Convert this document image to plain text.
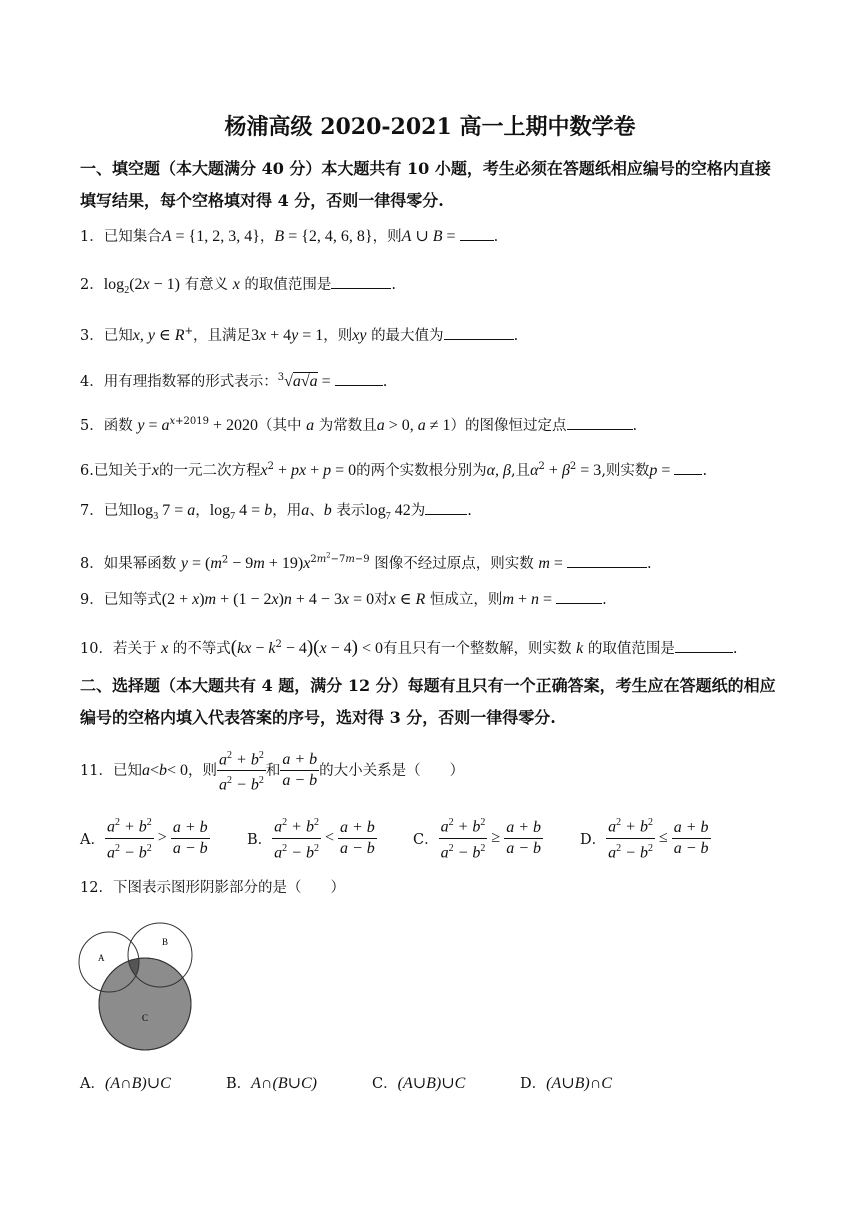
杨浦高级 2020-2021 高一上期中数学卷
一、填空题（本大题满分 40 分）本大题共有 10 小题，考生必须在答题纸相应编号的空格内直接填写结果，每个空格填对得 4 分，否则一律得零分.
1．已知集合A = {1, 2, 3, 4}，B = {2, 4, 6, 8}，则A ∪ B = .
2．$\log_2(2x - 1)$ 有意义 x 的取值范围是	.
3．已知x, y ∈ R+，且满足3x + 4y = 1，则xy 的最大值为	.
4．用有理指数幂的形式表示：$^3$√a√a =	.
5．函数 $y = a^{x+2019} + 2020$（其中 a 为常数且a > 0, a ≠ 1）的图像恒过定点	.
6.已知关于x的一元二次方程$x^2$ + px + p = 0的两个实数根分别为α, β,且$\alpha^2 + \beta^2 = 3$,则实数p = .
7．已知$\log_3 7 = a$，$\log_7 4 = b$，用a、b 表示$\log_7 42$为	.
8．如果幂函数 $y = (m^2 - 9m + 19)x^{2m^2-7m-9}$ 图像不经过原点，则实数 m =	.
9．已知等式(2 + x)m + (1 − 2x)n + 4 − 3x = 0对x ∈ R 恒成立，则m + n =	.
10．若关于 x 的不等式$(kx - k^2 - 4)(x - 4) < 0$有且只有一个整数解，则实数 k 的取值范围是	.
二、选择题（本大题共有 4 题，满分 12 分）每题有且只有一个正确答案，考生应在答题纸的相应编号的空格内填入代表答案的序号，选对得 3 分，否则一律得零分.
11． 已知 a < b < 0 ，则 $\frac{a^2 + b^2}{a^2 - b^2}$ 和 $\frac{a + b}{a - b}$ 的大小关系是（　　）
A． $\frac{a^2 + b^2}{a^2 - b^2} > \frac{a + b}{a - b}$	B． $\frac{a^2 + b^2}{a^2 - b^2} < \frac{a + b}{a - b}$ C． $\frac{a^2 + b^2}{a^2 - b^2} \ge \frac{a + b}{a - b}$	D． $\frac{a^2 + b^2}{a^2 - b^2} \le \frac{a + b}{a - b}$
12．下图表示图形阴影部分的是（　　）
A
B
C
A．(A∩B)∪C	B．A∩(B∪C)	C．(A∪B)∪C	D．(A∪B)∩C
